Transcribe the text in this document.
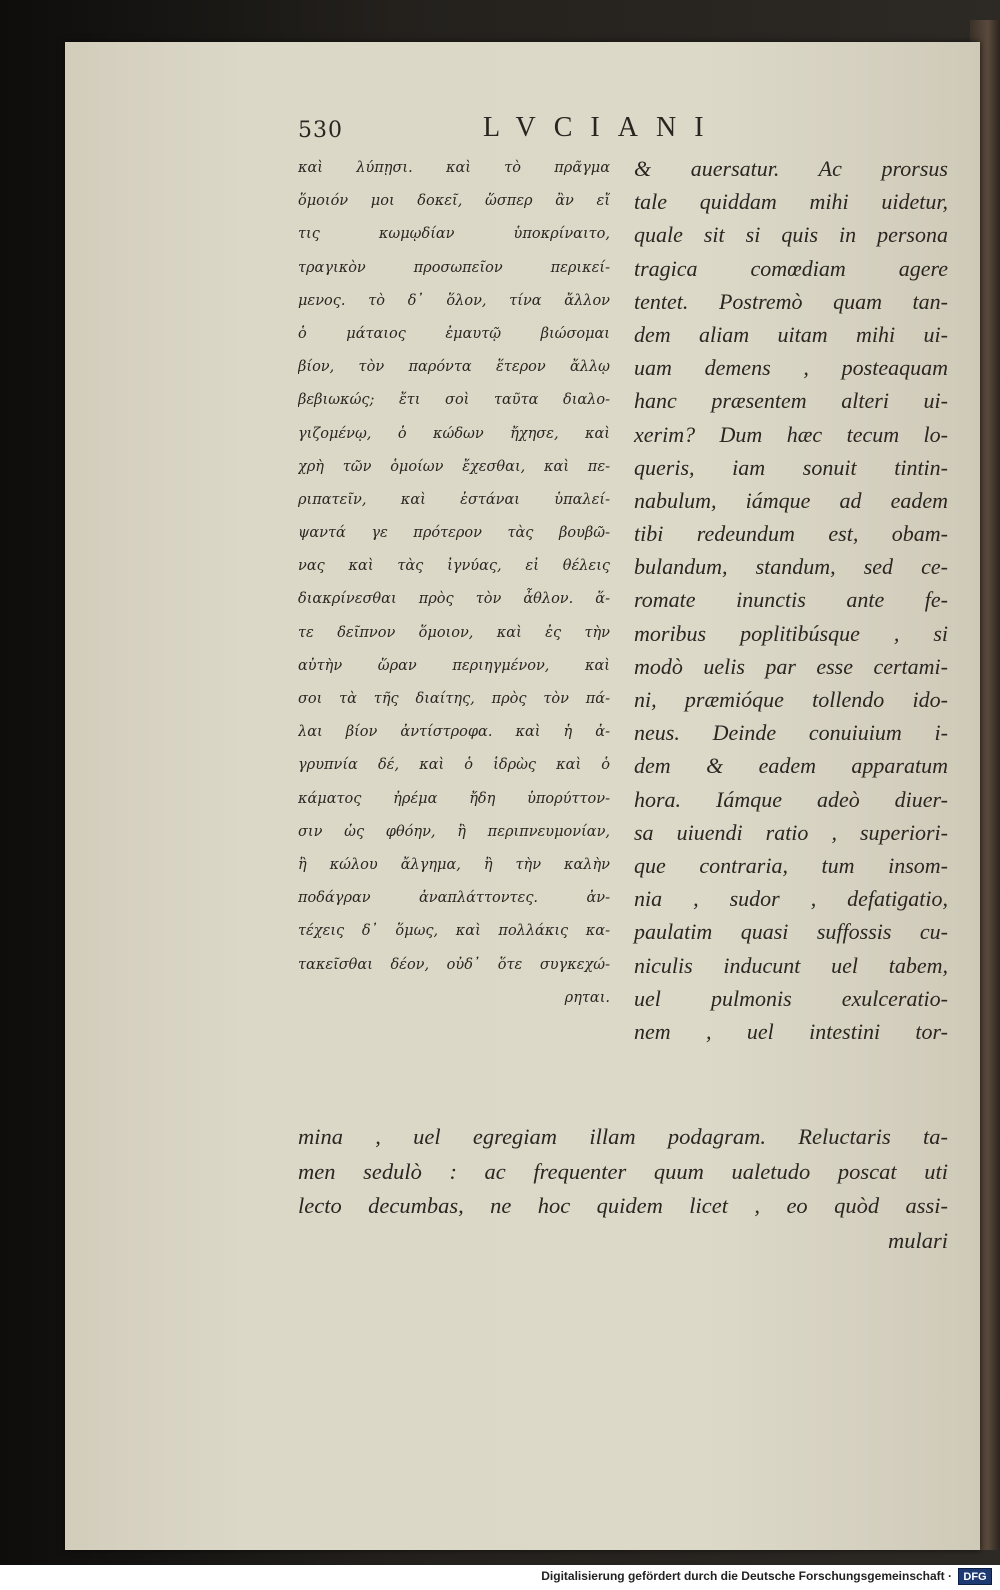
530	LVCIANI
καὶ λύπῃσι. καὶ τὸ πρᾶγμα
ὅμοιόν μοι δοκεῖ, ὥσπερ ἂν εἴ
τις κωμῳδίαν ὑποκρίναιτο,
τραγικὸν προσωπεῖον περικεί-
μενος. τὸ δ᾿ ὅλον, τίνα ἄλλον
ὁ μάταιος ἐμαυτῷ βιώσομαι
βίον, τὸν παρόντα ἕτερον ἄλλῳ
βεβιωκώς; ἔτι σοὶ ταῦτα διαλο-
γιζομένῳ, ὁ κώδων ἤχησε, καὶ
χρὴ τῶν ὁμοίων ἔχεσθαι, καὶ πε-
ριπατεῖν, καὶ ἑστάναι ὑπαλεί-
ψαντά γε πρότερον τὰς βουβῶ-
νας καὶ τὰς ἰγνύας, εἰ θέλεις
διακρίνεσθαι πρὸς τὸν ἆθλον. ἅ-
τε δεῖπνον ὅμοιον, καὶ ἐς τὴν
αὐτὴν ὥραν περιηγμένον, καὶ
σοι τὰ τῆς διαίτης, πρὸς τὸν πά-
λαι βίον ἀντίστροφα. καὶ ἡ ἀ-
γρυπνία δέ, καὶ ὁ ἱδρὼς καὶ ὁ
κάματος ἠρέμα ἤδη ὑπορύττον-
σιν ὡς φθόην, ἢ περιπνευμονίαν,
ἢ κώλου ἄλγημα, ἢ τὴν καλὴν
ποδάγραν ἀναπλάττοντες. ἀν-
τέχεις δ᾿ ὅμως, καὶ πολλάκις κα-
τακεῖσθαι δέον, οὐδ᾿ ὅτε συγκεχώ-
ρηται.
& auersatur. Ac prorsus
tale quiddam mihi uidetur,
quale sit si quis in persona
tragica comœdiam agere
tentet. Postremò quam tan-
dem aliam uitam mihi ui-
uam demens , posteaquam
hanc præsentem alteri ui-
xerim? Dum hæc tecum lo-
queris, iam sonuit tintin-
nabulum, iámque ad eadem
tibi redeundum est, obam-
bulandum, standum, sed ce-
romate inunctis ante fe-
moribus poplitibúsque , si
modò uelis par esse certami-
ni, præmióque tollendo ido-
neus. Deinde conuiuium i-
dem & eadem apparatum
hora. Iámque adeò diuer-
sa uiuendi ratio , superiori-
que contraria, tum insom-
nia , sudor , defatigatio,
paulatim quasi suffossis cu-
niculis inducunt uel tabem,
uel pulmonis exulceratio-
nem , uel intestini tor-
mina , uel egregiam illam podagram. Reluctaris ta-
men sedulò : ac frequenter quum ualetudo poscat uti
lecto decumbas, ne hoc quidem licet , eo quòd assi-
mulari
Digitalisierung gefördert durch die Deutsche Forschungsgemeinschaft ·	DFG
